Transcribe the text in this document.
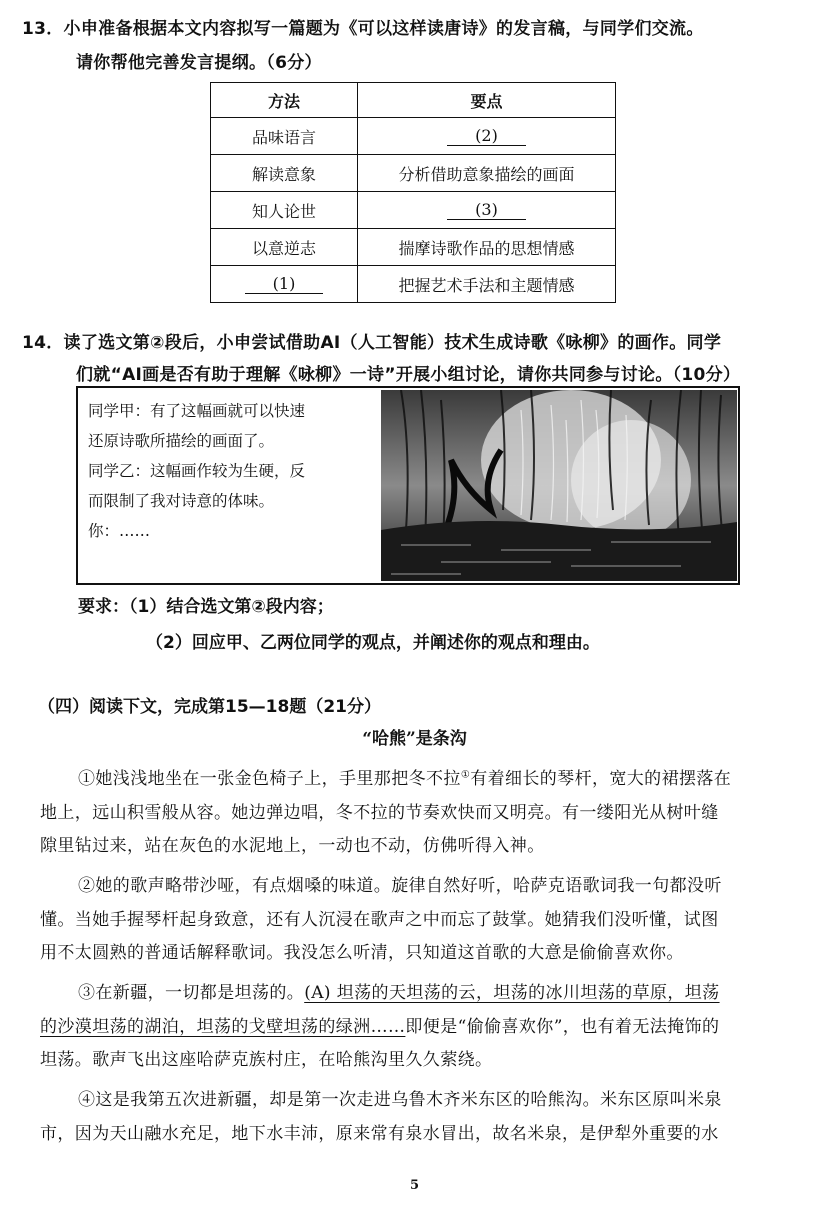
13．小申准备根据本文内容拟写一篇题为《可以这样读唐诗》的发言稿，与同学们交流。
请你帮他完善发言提纲。（6分）
方法	要点
品味语言	(2)
解读意象	分析借助意象描绘的画面
知人论世	(3)
以意逆志	揣摩诗歌作品的思想情感
(1)	把握艺术手法和主题情感
14．读了选文第②段后，小申尝试借助AI（人工智能）技术生成诗歌《咏柳》的画作。同学
们就“AI画是否有助于理解《咏柳》一诗”开展小组讨论，请你共同参与讨论。（10分）
同学甲：有了这幅画就可以快速
还原诗歌所描绘的画面了。
同学乙：这幅画作较为生硬，反
而限制了我对诗意的体味。
你：……
要求：（1）结合选文第②段内容；
（2）回应甲、乙两位同学的观点，并阐述你的观点和理由。
（四）阅读下文，完成第15—18题（21分）
“哈熊”是条沟
①她浅浅地坐在一张金色椅子上，手里那把冬不拉①有着细长的琴杆，宽大的裙摆落在
地上，远山积雪般从容。她边弹边唱，冬不拉的节奏欢快而又明亮。有一缕阳光从树叶缝
隙里钻过来，站在灰色的水泥地上，一动也不动，仿佛听得入神。
②她的歌声略带沙哑，有点烟嗓的味道。旋律自然好听，哈萨克语歌词我一句都没听
懂。当她手握琴杆起身致意，还有人沉浸在歌声之中而忘了鼓掌。她猜我们没听懂，试图
用不太圆熟的普通话解释歌词。我没怎么听清，只知道这首歌的大意是偷偷喜欢你。
③在新疆，一切都是坦荡的。(A) 坦荡的天坦荡的云，坦荡的冰川坦荡的草原，坦荡
的沙漠坦荡的湖泊，坦荡的戈壁坦荡的绿洲……即便是“偷偷喜欢你”，也有着无法掩饰的
坦荡。歌声飞出这座哈萨克族村庄，在哈熊沟里久久萦绕。
④这是我第五次进新疆，却是第一次走进乌鲁木齐米东区的哈熊沟。米东区原叫米泉
市，因为天山融水充足，地下水丰沛，原来常有泉水冒出，故名米泉，是伊犁外重要的水
5
